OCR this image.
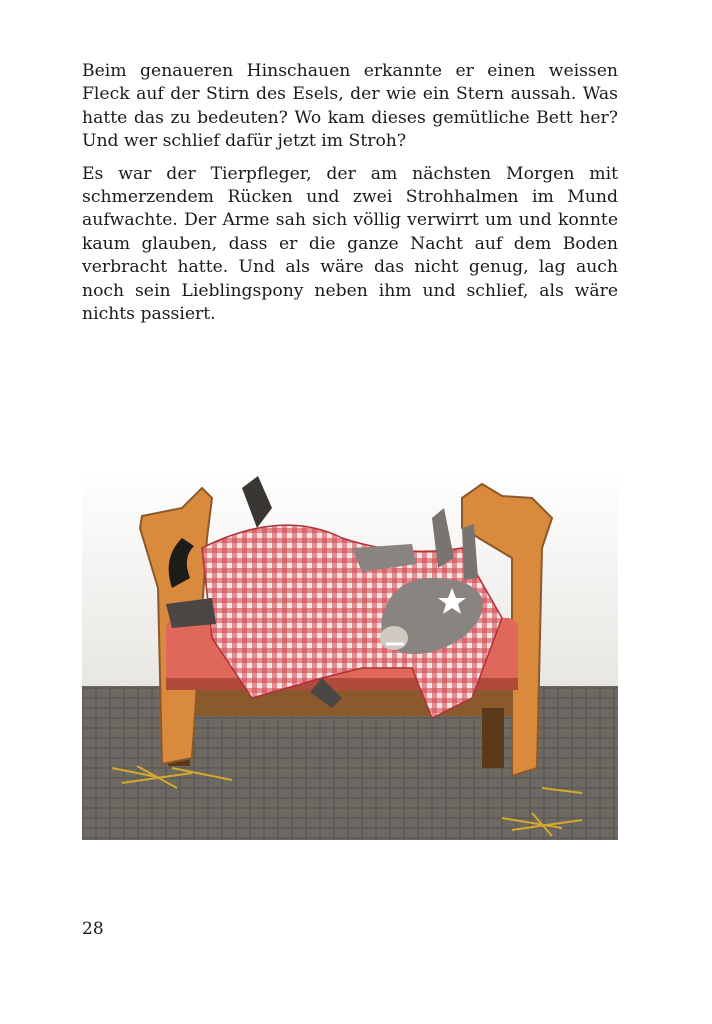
Beim genaueren Hinschauen erkannte er einen weissen Fleck auf der Stirn des Esels, der wie ein Stern aussah. Was hatte das zu bedeuten? Wo kam dieses gemütliche Bett her? Und wer schlief dafür jetzt im Stroh?

Es war der Tierpfleger, der am nächsten Morgen mit schmerzendem Rücken und zwei Strohhalmen im Mund aufwachte. Der Arme sah sich völlig verwirrt um und konnte kaum glauben, dass er die ganze Nacht auf dem Boden verbracht hatte. Und als wäre das nicht genug, lag auch noch sein Lieblingspony neben ihm und schlief, als wäre nichts passiert.

28
